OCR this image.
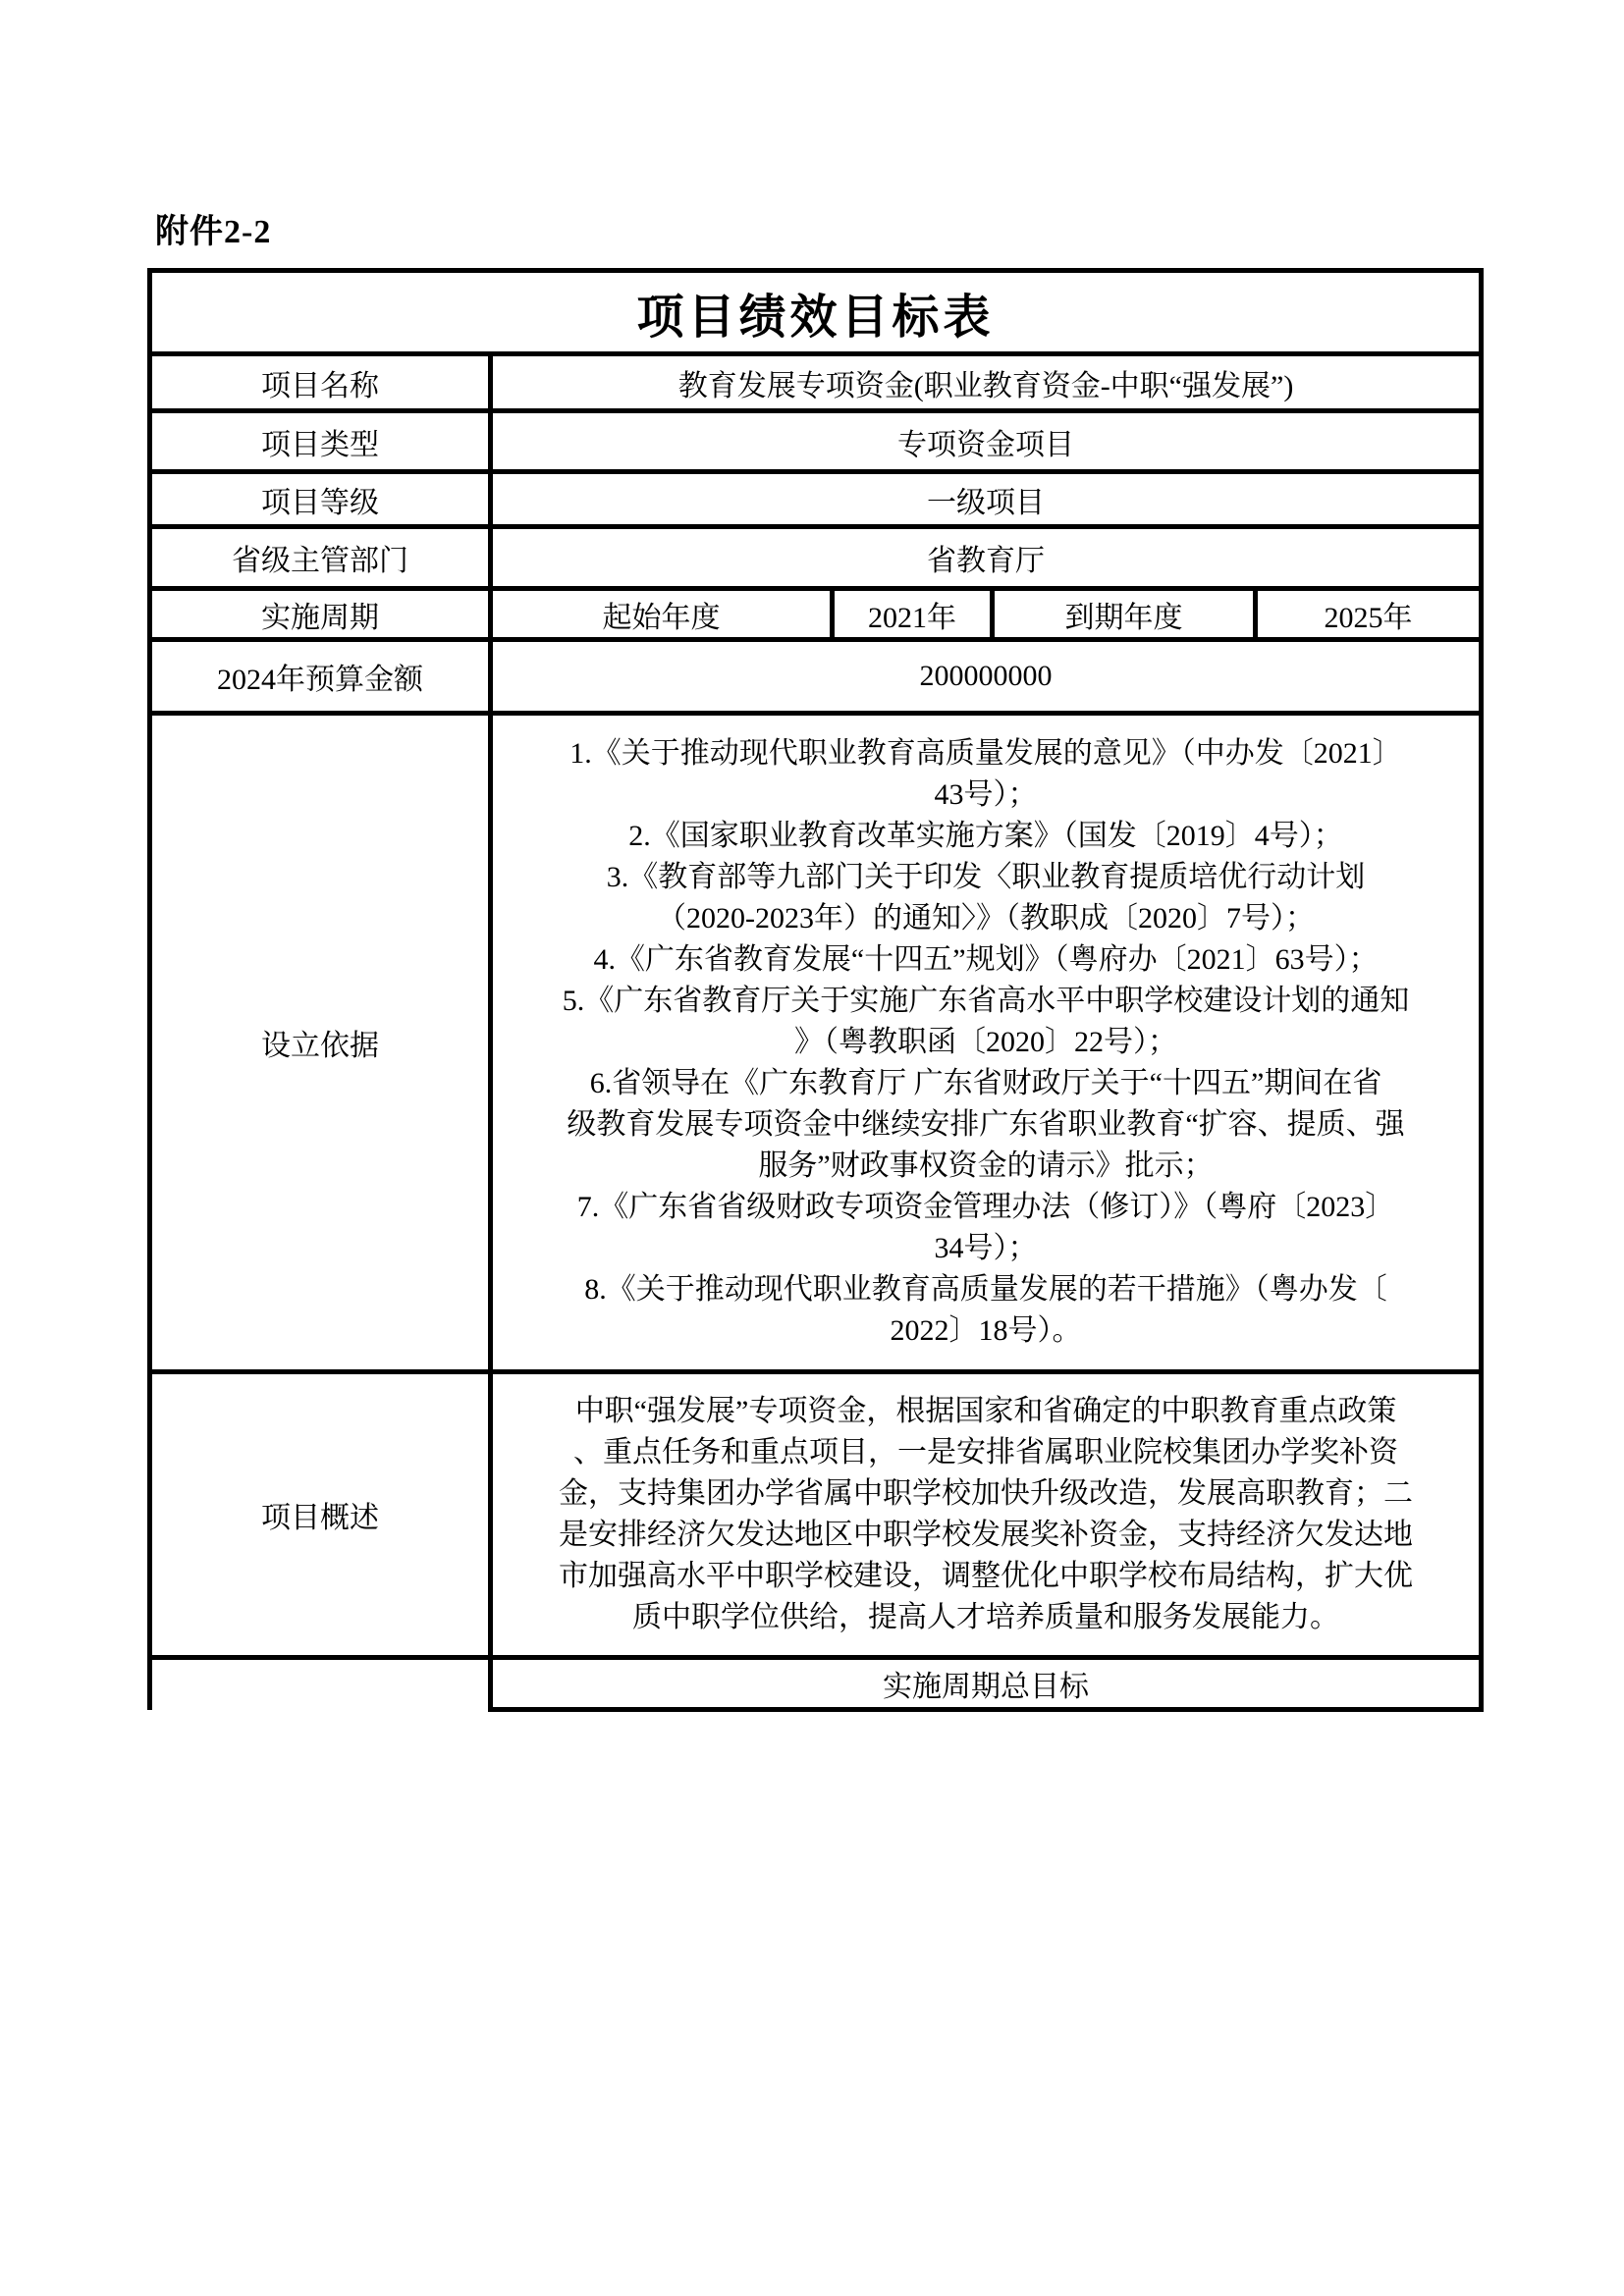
附件2-2
项目绩效目标表				
项目名称	教育发展专项资金(职业教育资金-中职“强发展”)			
项目类型	专项资金项目			
项目等级	一级项目			
省级主管部门	省教育厅			
实施周期	起始年度	2021年	到期年度	2025年
2024年预算金额	200000000			
设立依据	1.《关于推动现代职业教育高质量发展的意见》（中办发〔2021〕
43号）；
2.《国家职业教育改革实施方案》（国发〔2019〕4号）；
3.《教育部等九部门关于印发〈职业教育提质培优行动计划
（2020-2023年）的通知〉》（教职成〔2020〕7号）；
4.《广东省教育发展“十四五”规划》（粤府办〔2021〕63号）；
5.《广东省教育厅关于实施广东省高水平中职学校建设计划的通知
》（粤教职函〔2020〕22号）；
6.省领导在《广东教育厅 广东省财政厅关于“十四五”期间在省
级教育发展专项资金中继续安排广东省职业教育“扩容、提质、强
服务”财政事权资金的请示》批示；
7.《广东省省级财政专项资金管理办法（修订）》（粤府〔2023〕
34号）；
8.《关于推动现代职业教育高质量发展的若干措施》（粤办发〔
2022〕18号）。
项目概述	中职“强发展”专项资金，根据国家和省确定的中职教育重点政策
、重点任务和重点项目，一是安排省属职业院校集团办学奖补资
金，支持集团办学省属中职学校加快升级改造，发展高职教育；二
是安排经济欠发达地区中职学校发展奖补资金，支持经济欠发达地
市加强高水平中职学校建设，调整优化中职学校布局结构，扩大优
质中职学位供给，提高人才培养质量和服务发展能力。
	实施周期总目标			
